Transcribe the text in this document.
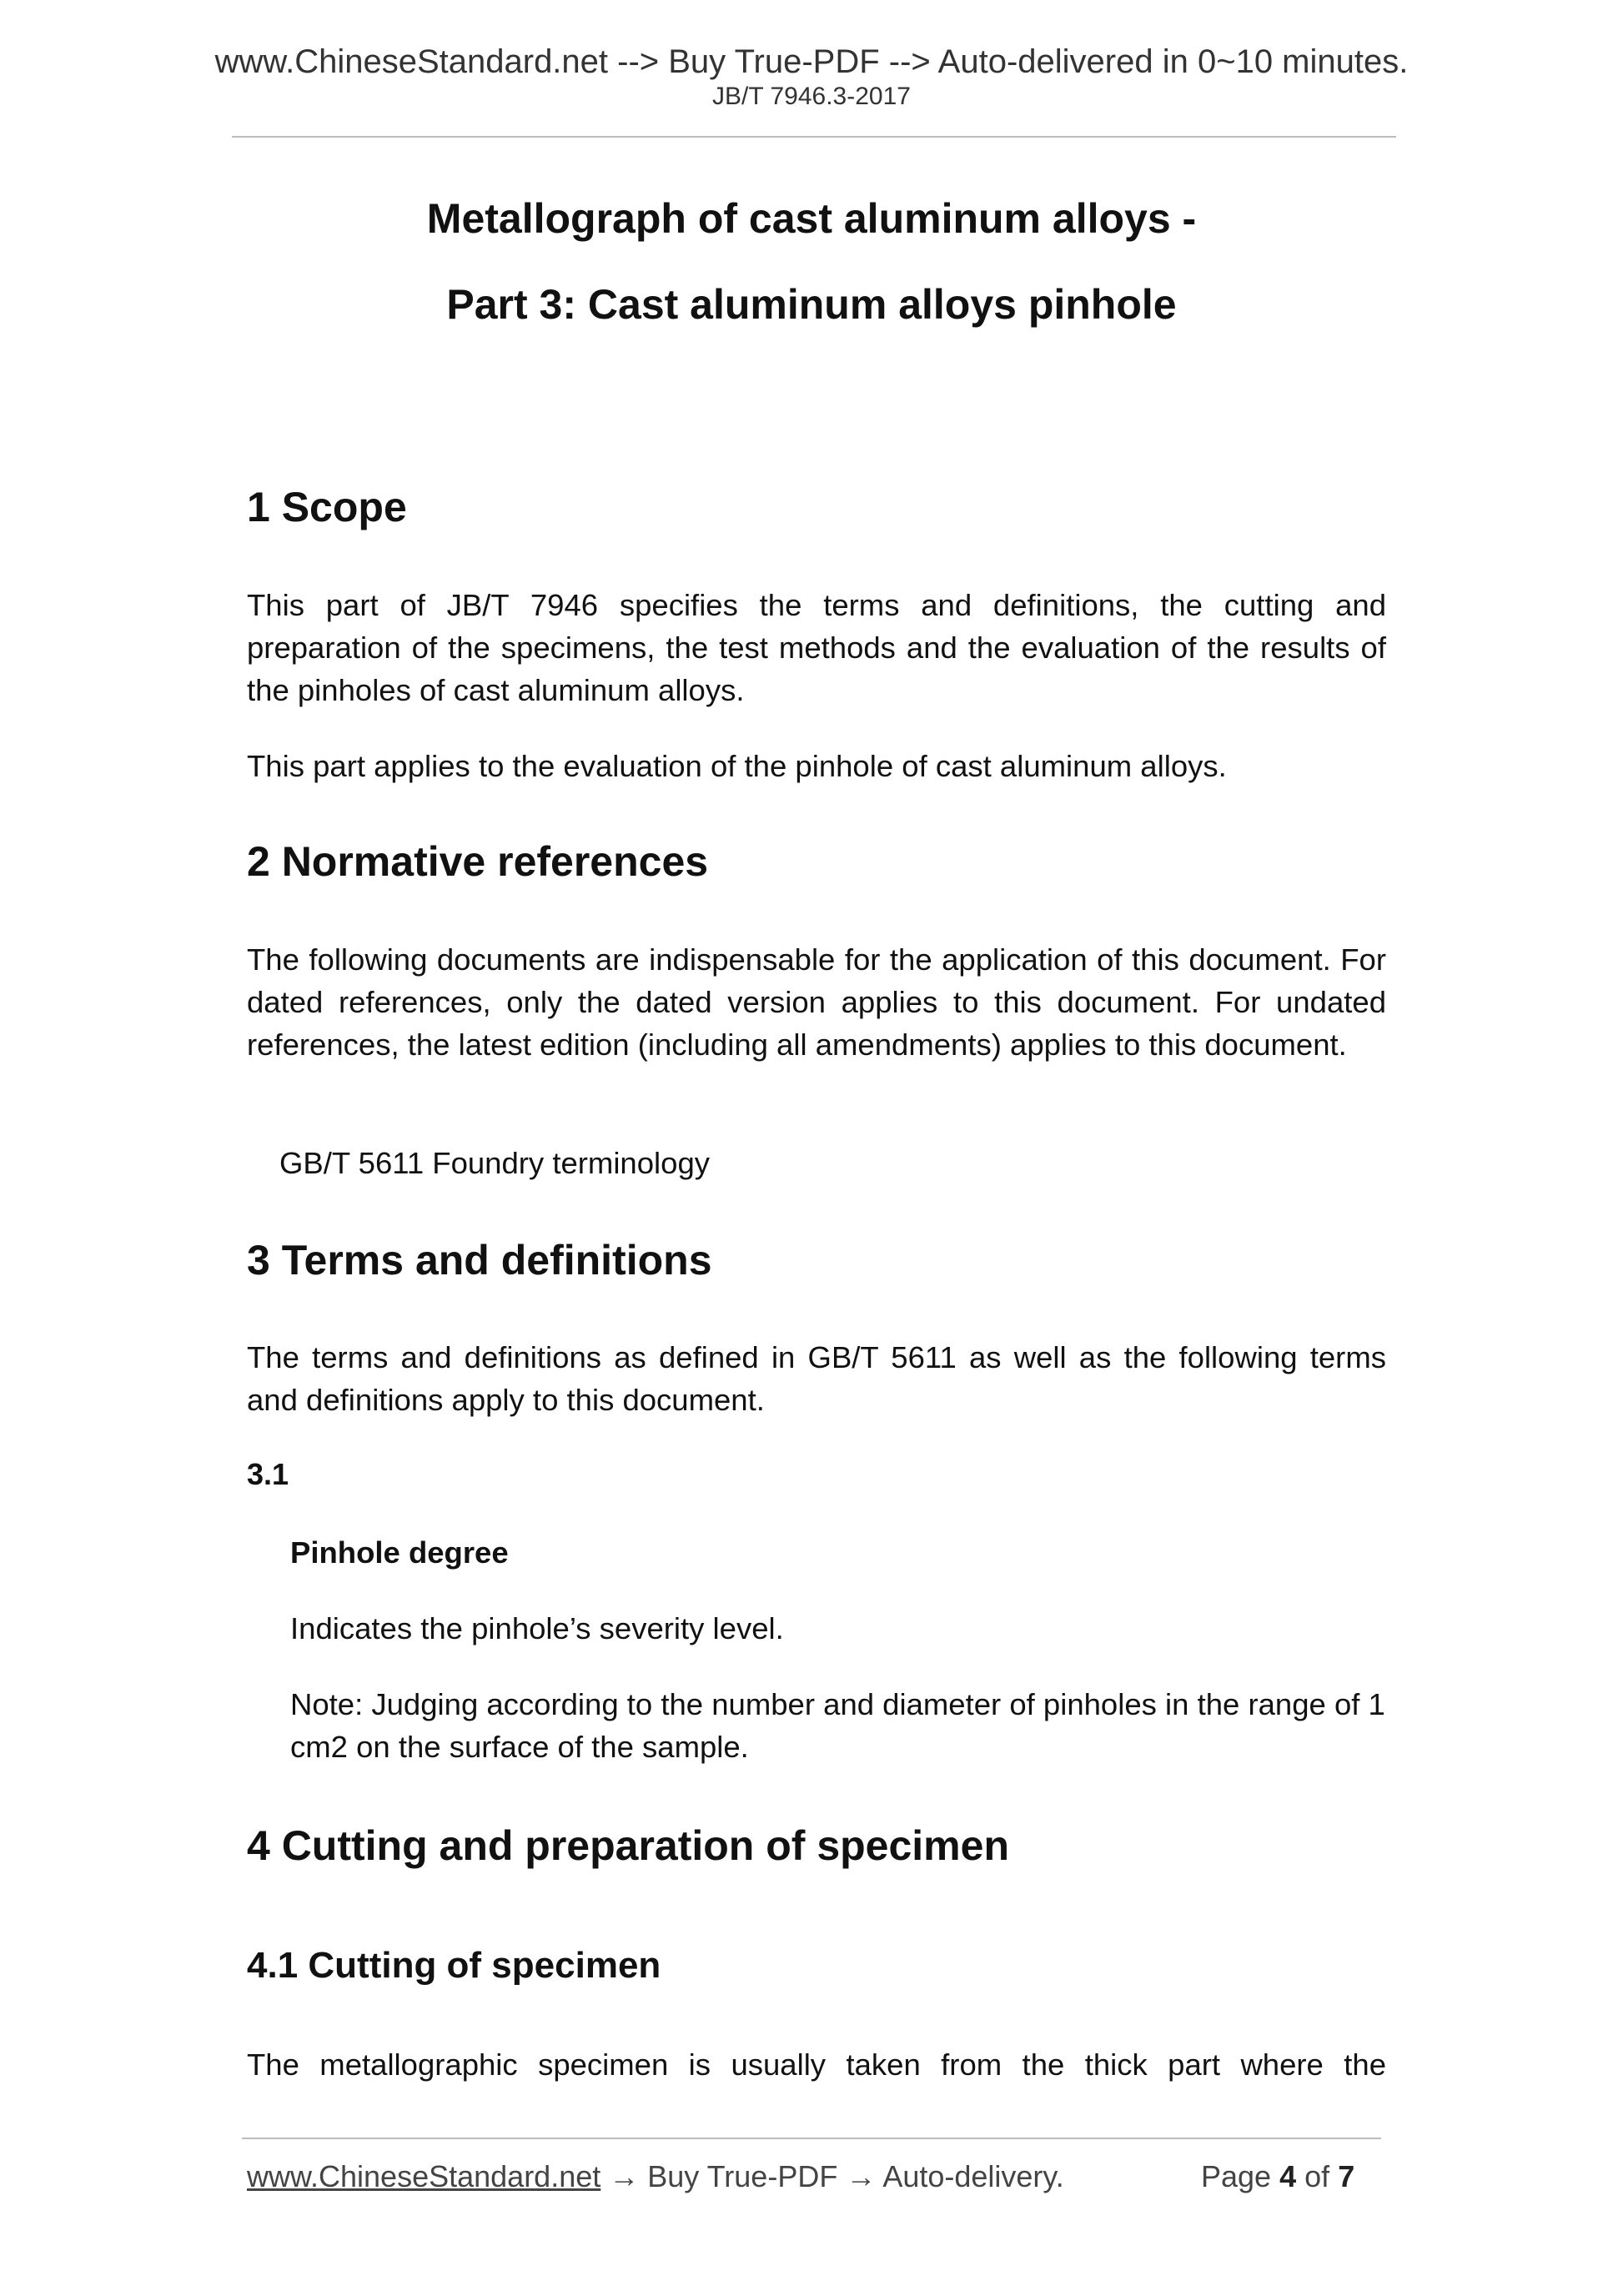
www.ChineseStandard.net --> Buy True-PDF --> Auto-delivered in 0~10 minutes.
JB/T 7946.3-2017
Metallograph of cast aluminum alloys -
Part 3: Cast aluminum alloys pinhole
1 Scope
This part of JB/T 7946 specifies the terms and definitions, the cutting and preparation of the specimens, the test methods and the evaluation of the results of the pinholes of cast aluminum alloys.
This part applies to the evaluation of the pinhole of cast aluminum alloys.
2 Normative references
The following documents are indispensable for the application of this document. For dated references, only the dated version applies to this document. For undated references, the latest edition (including all amendments) applies to this document.
GB/T 5611 Foundry terminology
3 Terms and definitions
The terms and definitions as defined in GB/T 5611 as well as the following terms and definitions apply to this document.
3.1
Pinhole degree
Indicates the pinhole’s severity level.
Note: Judging according to the number and diameter of pinholes in the range of 1 cm2 on the surface of the sample.
4 Cutting and preparation of specimen
4.1 Cutting of specimen
The metallographic specimen is usually taken from the thick part where the
www.ChineseStandard.net → Buy True-PDF → Auto-delivery.	Page 4 of 7
